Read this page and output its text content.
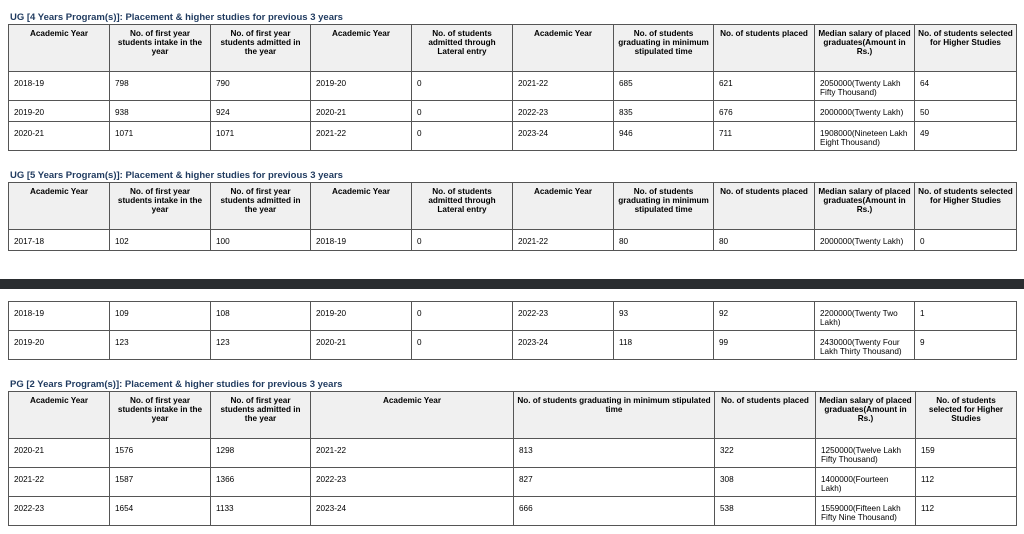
UG [4 Years Program(s)]: Placement & higher studies for previous 3 years
Academic Year	No. of first year students intake in the year	No. of first year students admitted in the year	Academic Year	No. of students admitted through Lateral entry	Academic Year	No. of students graduating in minimum stipulated time	No. of students placed	Median salary of placed graduates(Amount in Rs.)	No. of students selected for Higher Studies
2018-19	798	790	2019-20	0	2021-22	685	621	2050000(Twenty Lakh Fifty Thousand)	64
2019-20	938	924	2020-21	0	2022-23	835	676	2000000(Twenty Lakh)	50
2020-21	1071	1071	2021-22	0	2023-24	946	711	1908000(Nineteen Lakh Eight Thousand)	49
UG [5 Years Program(s)]: Placement & higher studies for previous 3 years
Academic Year	No. of first year students intake in the year	No. of first year students admitted in the year	Academic Year	No. of students admitted through Lateral entry	Academic Year	No. of students graduating in minimum stipulated time	No. of students placed	Median salary of placed graduates(Amount in Rs.)	No. of students selected for Higher Studies
2017-18	102	100	2018-19	0	2021-22	80	80	2000000(Twenty Lakh)	0
2018-19	109	108	2019-20	0	2022-23	93	92	2200000(Twenty Two Lakh)	1
2019-20	123	123	2020-21	0	2023-24	118	99	2430000(Twenty Four Lakh Thirty Thousand)	9
PG [2 Years Program(s)]: Placement & higher studies for previous 3 years
Academic Year	No. of first year students intake in the year	No. of first year students admitted in the year	Academic Year	No. of students graduating in minimum stipulated time	No. of students placed	Median salary of placed graduates(Amount in Rs.)	No. of students selected for Higher Studies
2020-21	1576	1298	2021-22	813	322	1250000(Twelve Lakh Fifty Thousand)	159
2021-22	1587	1366	2022-23	827	308	1400000(Fourteen Lakh)	112
2022-23	1654	1133	2023-24	666	538	1559000(Fifteen Lakh Fifty Nine Thousand)	112
